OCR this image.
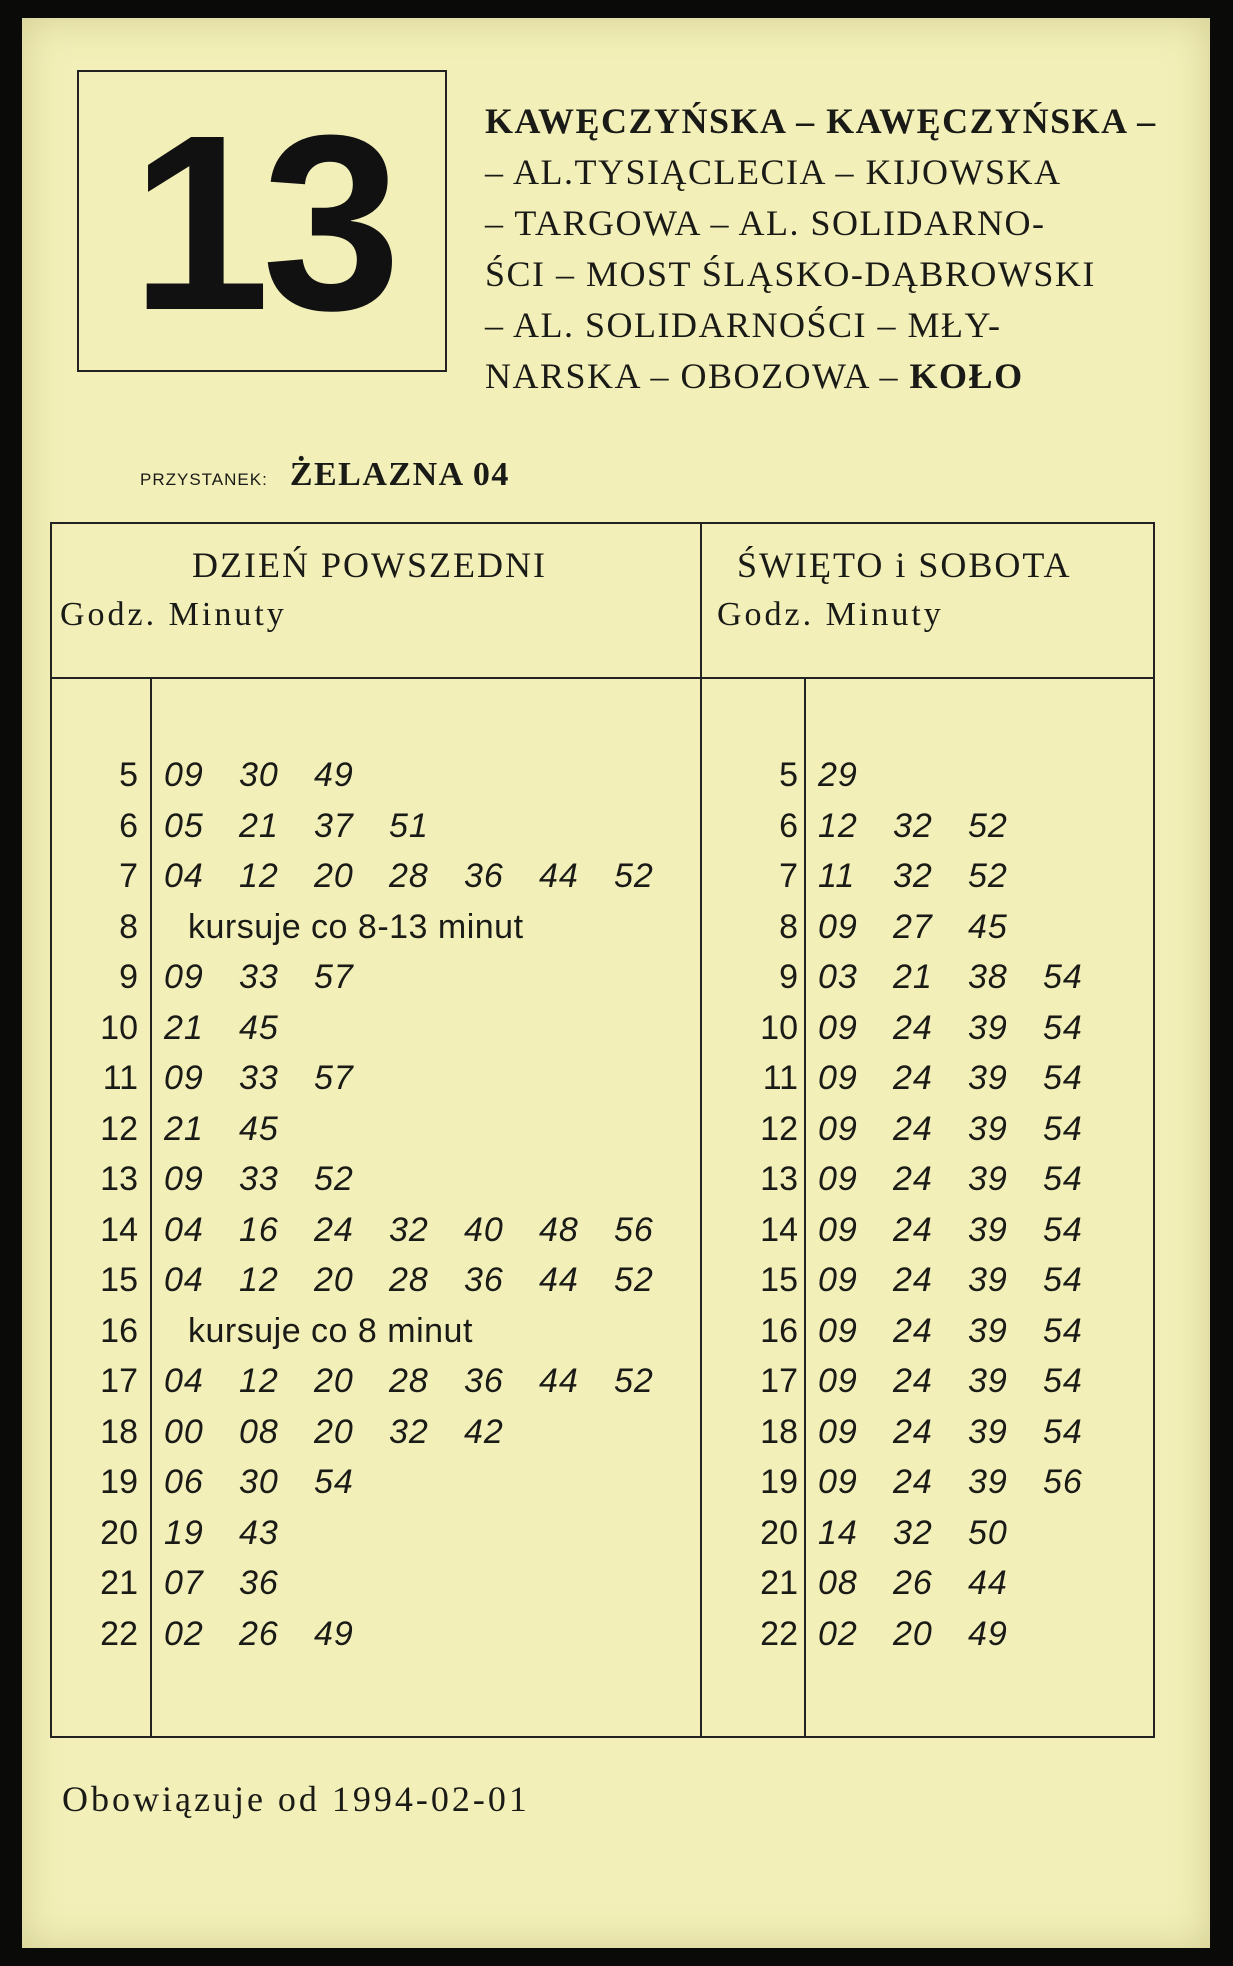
13	KAWĘCZYŃSKA – KAWĘCZYŃSKA –
– AL.TYSIĄCLECIA – KIJOWSKA
– TARGOWA – AL. SOLIDARNO-
ŚCI – MOST ŚLĄSKO-DĄBROWSKI
– AL. SOLIDARNOŚCI – MŁY-
NARSKA – OBOZOWA – KOŁO
PRZYSTANEK: ŻELAZNA 04
DZIEŃ POWSZEDNI
Godz. Minuty
ŚWIĘTO i SOBOTA
Godz. Minuty
5 09 30 49
6 05 21 37 51
7 04 12 20 28 36 44 52
8 kursuje co 8-13 minut
9 09 33 57
10 21 45
11 09 33 57
12 21 45
13 09 33 52
14 04 16 24 32 40 48 56
15 04 12 20 28 36 44 52
16 kursuje co 8 minut
17 04 12 20 28 36 44 52
18 00 08 20 32 42
19 06 30 54
20 19 43
21 07 36
22 02 26 49
5 29
6 12 32 52
7 11 32 52
8 09 27 45
9 03 21 38 54
10 09 24 39 54
11 09 24 39 54
12 09 24 39 54
13 09 24 39 54
14 09 24 39 54
15 09 24 39 54
16 09 24 39 54
17 09 24 39 54
18 09 24 39 54
19 09 24 39 56
20 14 32 50
21 08 26 44
22 02 20 49
Obowiązuje od 1994-02-01
